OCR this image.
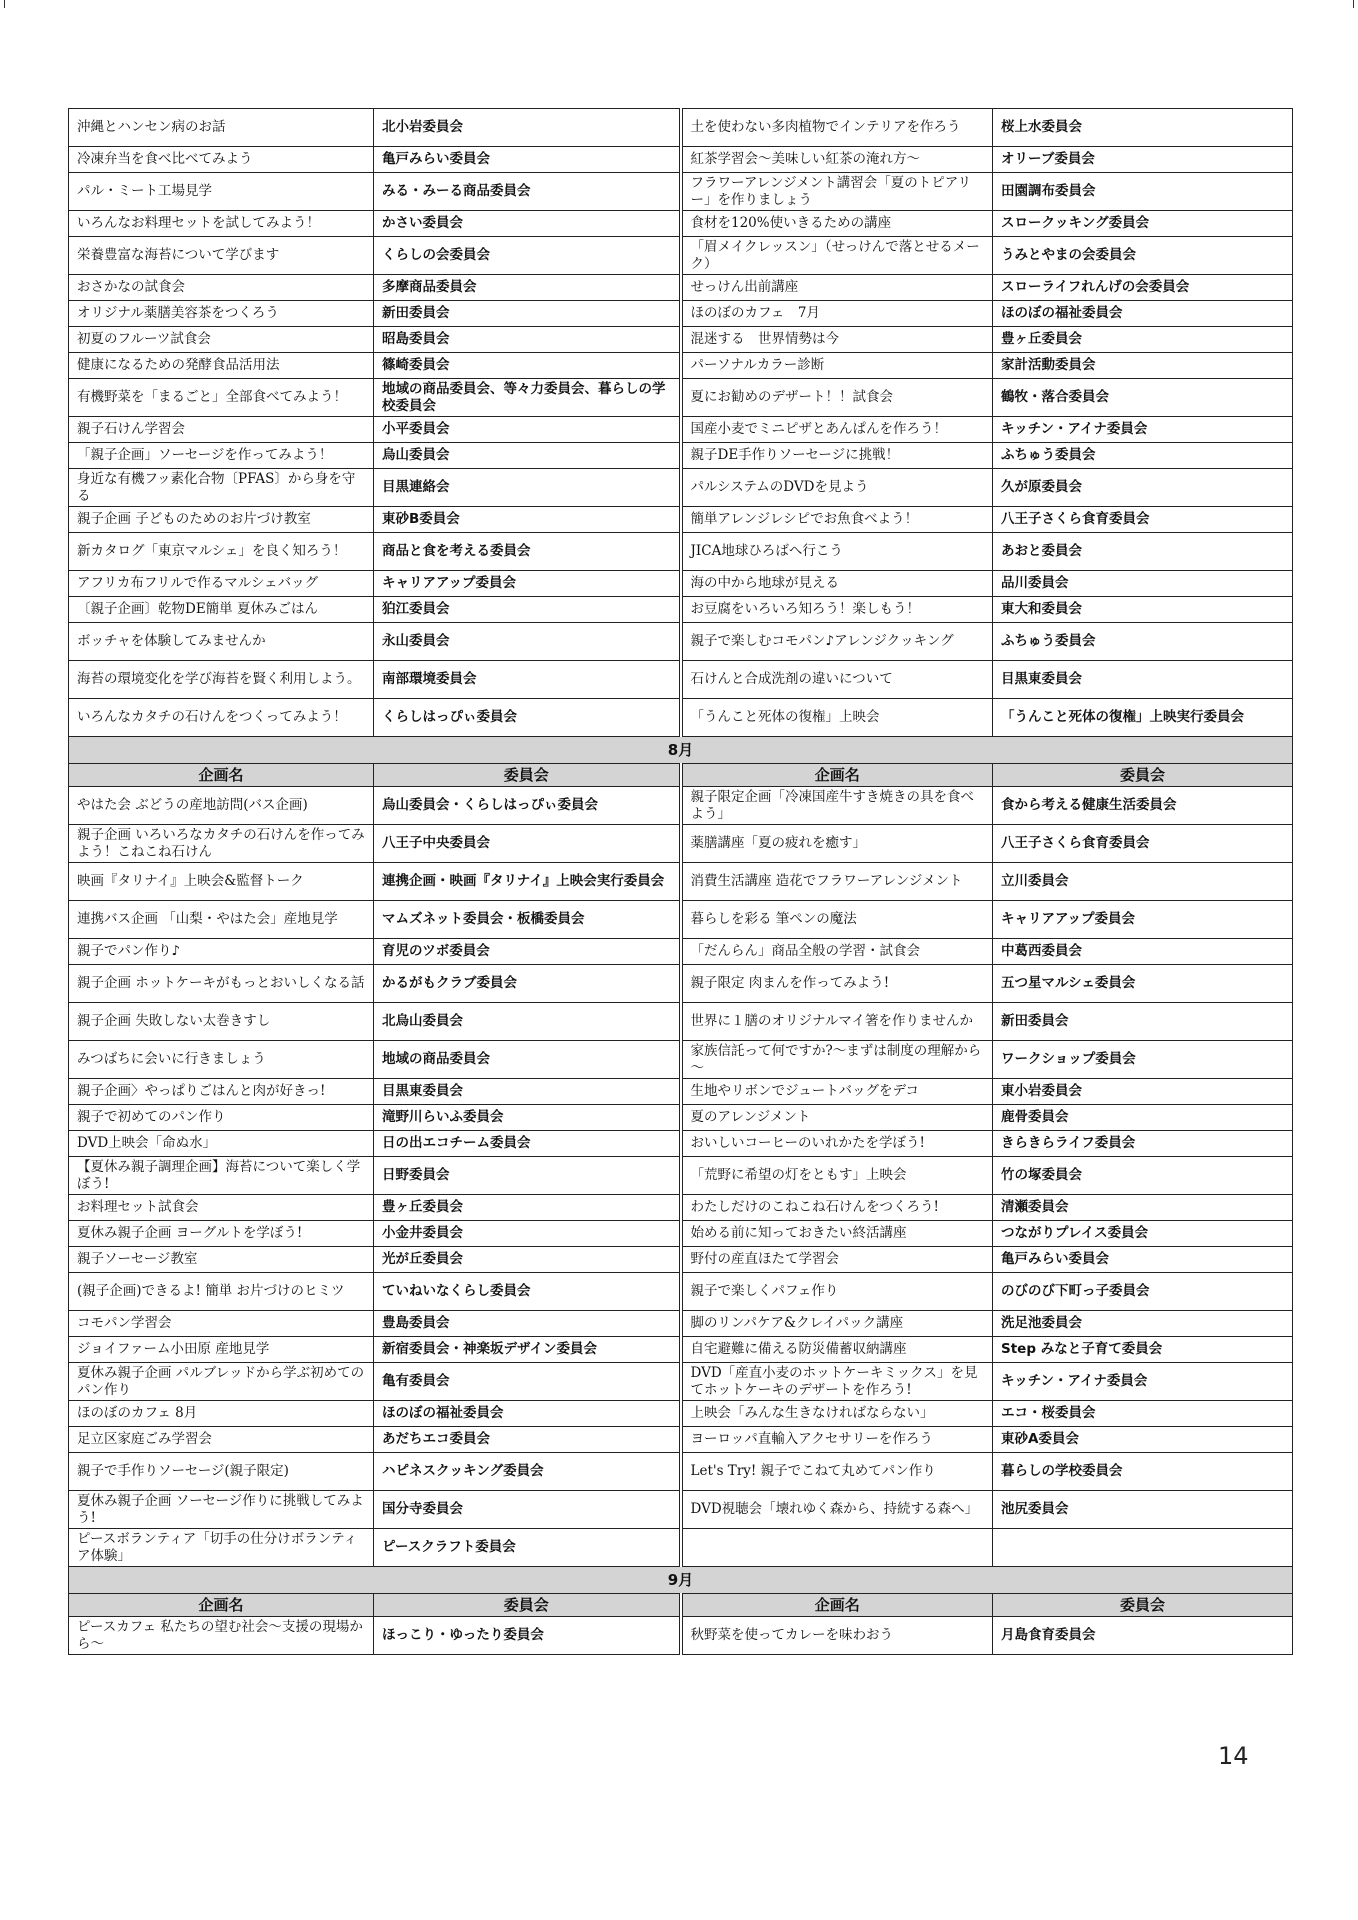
沖縄とハンセン病のお話	北小岩委員会	土を使わない多肉植物でインテリアを作ろう	桜上水委員会
冷凍弁当を食べ比べてみよう	亀戸みらい委員会	紅茶学習会～美味しい紅茶の淹れ方～	オリーブ委員会
パル・ミート工場見学	みる・みーる商品委員会	フラワーアレンジメント講習会「夏のトピアリー」を作りましょう	田園調布委員会
いろんなお料理セットを試してみよう！	かさい委員会	食材を120%使いきるための講座	スロークッキング委員会
栄養豊富な海苔について学びます	くらしの会委員会	「眉メイクレッスン」（せっけんで落とせるメーク）	うみとやまの会委員会
おさかなの試食会	多摩商品委員会	せっけん出前講座	スローライフれんげの会委員会
オリジナル薬膳美容茶をつくろう	新田委員会	ほのぼのカフェ　7月	ほのぼの福祉委員会
初夏のフルーツ試食会	昭島委員会	混迷する　世界情勢は今	豊ヶ丘委員会
健康になるための発酵食品活用法	篠崎委員会	パーソナルカラー診断	家計活動委員会
有機野菜を「まるごと」全部食べてみよう！	地域の商品委員会、等々力委員会、暮らしの学校委員会	夏にお勧めのデザート！！試食会	鶴牧・落合委員会
親子石けん学習会	小平委員会	国産小麦でミニピザとあんぱんを作ろう！	キッチン・アイナ委員会
「親子企画」ソーセージを作ってみよう！	烏山委員会	親子DE手作りソーセージに挑戦！	ふちゅう委員会
身近な有機フッ素化合物〔PFAS〕から身を守る	目黒連絡会	パルシステムのDVDを見よう	久が原委員会
親子企画 子どものためのお片づけ教室	東砂B委員会	簡単アレンジレシピでお魚食べよう！	八王子さくら食育委員会
新カタログ「東京マルシェ」を良く知ろう！	商品と食を考える委員会	JICA地球ひろばへ行こう	あおと委員会
アフリカ布フリルで作るマルシェバッグ	キャリアアップ委員会	海の中から地球が見える	品川委員会
〔親子企画〕乾物DE簡単 夏休みごはん	狛江委員会	お豆腐をいろいろ知ろう！楽しもう！	東大和委員会
ボッチャを体験してみませんか	永山委員会	親子で楽しむコモパン♪アレンジクッキング	ふちゅう委員会
海苔の環境変化を学び海苔を賢く利用しよう。	南部環境委員会	石けんと合成洗剤の違いについて	目黒東委員会
いろんなカタチの石けんをつくってみよう！	くらしはっぴぃ委員会	「うんこと死体の復権」上映会	「うんこと死体の復権」上映実行委員会
8月			
企画名	委員会	企画名	委員会
やはた会 ぶどうの産地訪問(バス企画)	烏山委員会・くらしはっぴぃ委員会	親子限定企画「冷凍国産牛すき焼きの具を食べよう」	食から考える健康生活委員会
親子企画 いろいろなカタチの石けんを作ってみよう！こねこね石けん	八王子中央委員会	薬膳講座「夏の疲れを癒す」	八王子さくら食育委員会
映画『タリナイ』上映会&監督トーク	連携企画・映画『タリナイ』上映会実行委員会	消費生活講座 造花でフラワーアレンジメント	立川委員会
連携バス企画 「山梨・やはた会」産地見学	マムズネット委員会・板橋委員会	暮らしを彩る 筆ペンの魔法	キャリアアップ委員会
親子でパン作り♪	育児のツボ委員会	「だんらん」商品全般の学習・試食会	中葛西委員会
親子企画 ホットケーキがもっとおいしくなる話	かるがもクラブ委員会	親子限定 肉まんを作ってみよう!	五つ星マルシェ委員会
親子企画 失敗しない太巻きすし	北烏山委員会	世界に１膳のオリジナルマイ箸を作りませんか	新田委員会
みつばちに会いに行きましょう	地域の商品委員会	家族信託って何ですか?～まずは制度の理解から～	ワークショップ委員会
親子企画〉やっぱりごはんと肉が好きっ!	目黒東委員会	生地やリボンでジュートバッグをデコ	東小岩委員会
親子で初めてのパン作り	滝野川らいふ委員会	夏のアレンジメント	鹿骨委員会
DVD上映会「命ぬ水」	日の出エコチーム委員会	おいしいコーヒーのいれかたを学ぼう!	きらきらライフ委員会
【夏休み親子調理企画】海苔について楽しく学ぼう!	日野委員会	「荒野に希望の灯をともす」上映会	竹の塚委員会
お料理セット試食会	豊ヶ丘委員会	わたしだけのこねこね石けんをつくろう!	清瀬委員会
夏休み親子企画 ヨーグルトを学ぼう!	小金井委員会	始める前に知っておきたい終活講座	つながりプレイス委員会
親子ソーセージ教室	光が丘委員会	野付の産直ほたて学習会	亀戸みらい委員会
(親子企画)できるよ! 簡単 お片づけのヒミツ	ていねいなくらし委員会	親子で楽しくパフェ作り	のびのび下町っ子委員会
コモパン学習会	豊島委員会	脚のリンパケア&クレイパック講座	洗足池委員会
ジョイファーム小田原 産地見学	新宿委員会・神楽坂デザイン委員会	自宅避難に備える防災備蓄収納講座	Step みなと子育て委員会
夏休み親子企画 パルブレッドから学ぶ初めてのパン作り	亀有委員会	DVD「産直小麦のホットケーキミックス」を見てホットケーキのデザートを作ろう!	キッチン・アイナ委員会
ほのぼのカフェ 8月	ほのぼの福祉委員会	上映会「みんな生きなければならない」	エコ・桜委員会
足立区家庭ごみ学習会	あだちエコ委員会	ヨーロッパ直輸入アクセサリーを作ろう	東砂A委員会
親子で手作りソーセージ(親子限定)	ハピネスクッキング委員会	Let's Try! 親子でこねて丸めてパン作り	暮らしの学校委員会
夏休み親子企画 ソーセージ作りに挑戦してみよう!	国分寺委員会	DVD視聴会「壊れゆく森から、持続する森へ」	池尻委員会
ピースボランティア「切手の仕分けボランティア体験」	ピースクラフト委員会		
9月			
企画名	委員会	企画名	委員会
ピースカフェ 私たちの望む社会～支援の現場から～	ほっこり・ゆったり委員会	秋野菜を使ってカレーを味わおう	月島食育委員会
14
